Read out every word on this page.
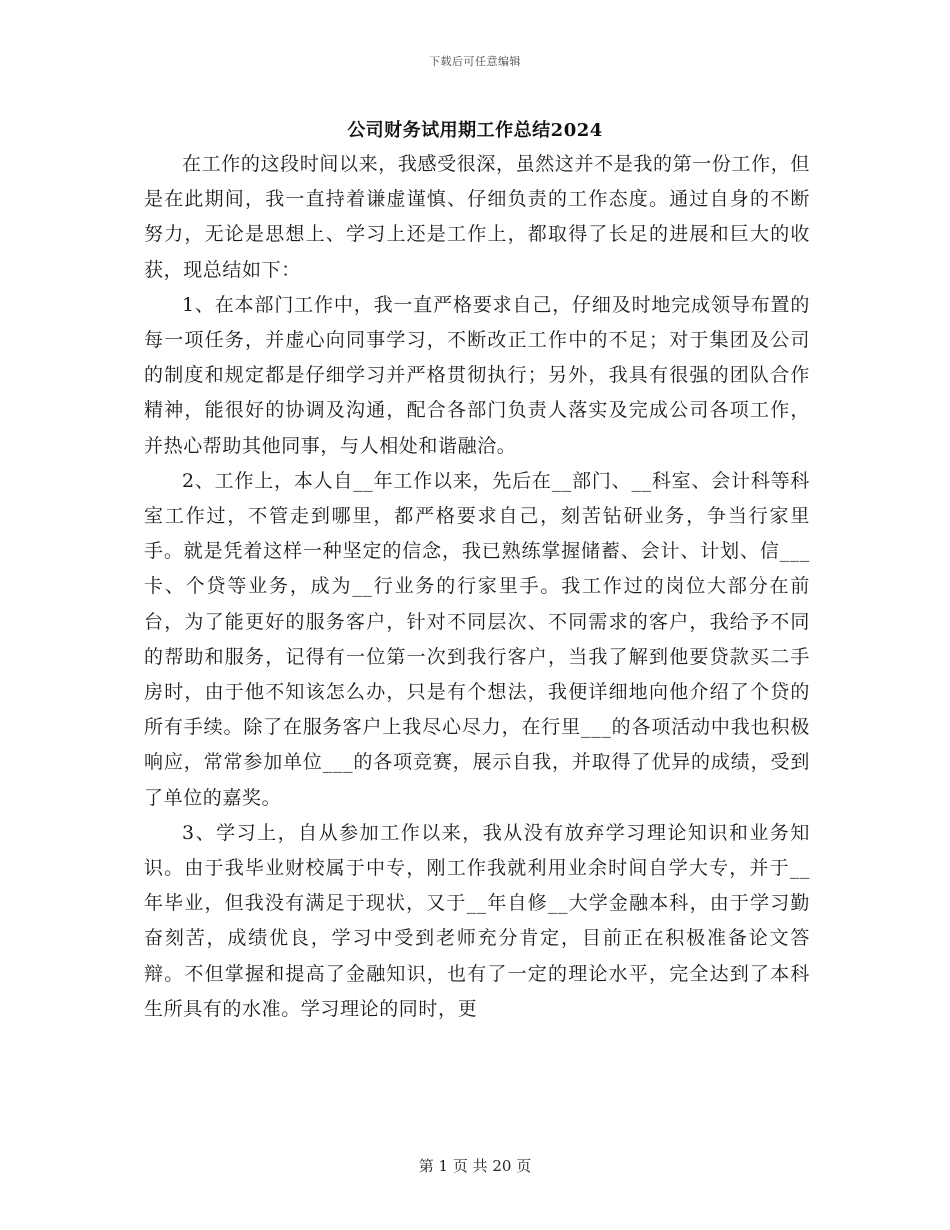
下载后可任意编辑
公司财务试用期工作总结2024

在工作的这段时间以来，我感受很深，虽然这并不是我的第一份工作，但是在此期间，我一直持着谦虚谨慎、仔细负责的工作态度。通过自身的不断努力，无论是思想上、学习上还是工作上，都取得了长足的进展和巨大的收获，现总结如下：

1、在本部门工作中，我一直严格要求自己，仔细及时地完成领导布置的每一项任务，并虚心向同事学习，不断改正工作中的不足；对于集团及公司的制度和规定都是仔细学习并严格贯彻执行；另外，我具有很强的团队合作精神，能很好的协调及沟通，配合各部门负责人落实及完成公司各项工作，并热心帮助其他同事，与人相处和谐融洽。

2、工作上，本人自__年工作以来，先后在__部门、__科室、会计科等科室工作过，不管走到哪里，都严格要求自己，刻苦钻研业务，争当行家里手。就是凭着这样一种坚定的信念，我已熟练掌握储蓄、会计、计划、信___卡、个贷等业务，成为__行业务的行家里手。我工作过的岗位大部分在前台，为了能更好的服务客户，针对不同层次、不同需求的客户，我给予不同的帮助和服务，记得有一位第一次到我行客户，当我了解到他要贷款买二手房时，由于他不知该怎么办，只是有个想法，我便详细地向他介绍了个贷的所有手续。除了在服务客户上我尽心尽力，在行里___的各项活动中我也积极响应，常常参加单位___的各项竞赛，展示自我，并取得了优异的成绩，受到了单位的嘉奖。

3、学习上，自从参加工作以来，我从没有放弃学习理论知识和业务知识。由于我毕业财校属于中专，刚工作我就利用业余时间自学大专，并于__年毕业，但我没有满足于现状，又于__年自修__大学金融本科，由于学习勤奋刻苦，成绩优良，学习中受到老师充分肯定，目前正在积极准备论文答辩。不但掌握和提高了金融知识，也有了一定的理论水平，完全达到了本科生所具有的水准。学习理论的同时，更

第 1 页 共 20 页
